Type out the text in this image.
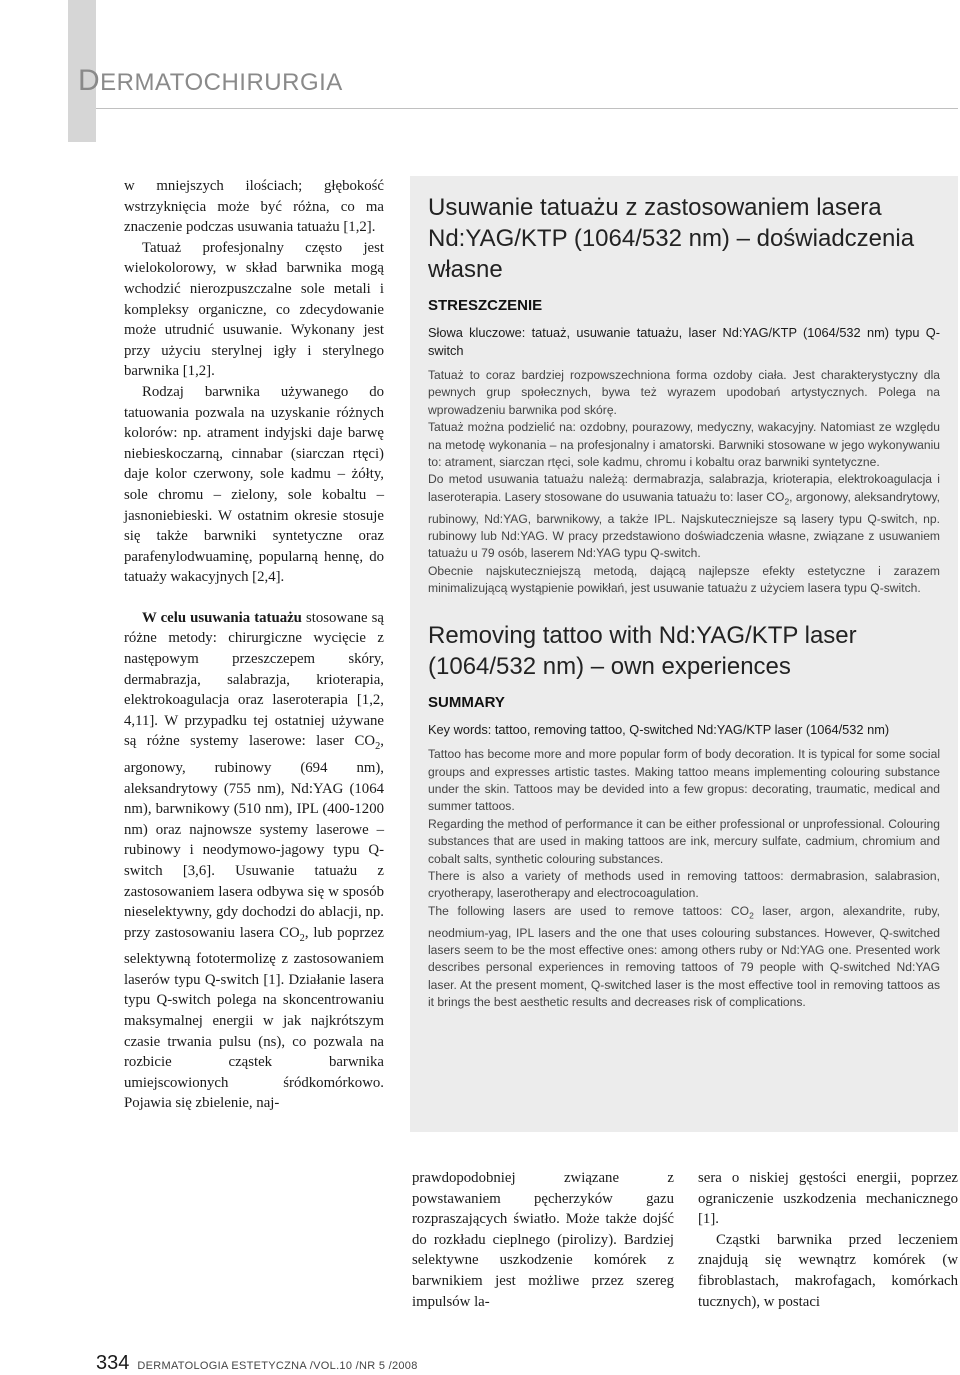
DERMATOCHIRURGIA

w mniejszych ilościach; głębokość wstrzyknięcia może być różna, co ma znaczenie podczas usuwania tatuażu [1,2].

Tatuaż profesjonalny często jest wielokolorowy, w skład barwnika mogą wchodzić nierozpuszczalne sole metali i kompleksy organiczne, co zdecydowanie może utrudnić usuwanie. Wykonany jest przy użyciu sterylnej igły i sterylnego barwnika [1,2].

Rodzaj barwnika używanego do tatuowania pozwala na uzyskanie różnych kolorów: np. atrament indyjski daje barwę niebieskoczarną, cinnabar (siarczan rtęci) daje kolor czerwony, sole kadmu – żółty, sole chromu – zielony, sole kobaltu – jasnoniebieski. W ostatnim okresie stosuje się także barwniki syntetyczne oraz parafenylodwuaminę, popularną hennę, do tatuaży wakacyjnych [2,4].

W celu usuwania tatuażu stosowane są różne metody: chirurgiczne wycięcie z następowym przeszczepem skóry, dermabrazja, salabrazja, krioterapia, elektrokoagulacja oraz laseroterapia [1,2, 4,11]. W przypadku tej ostatniej używane są różne systemy laserowe: laser $CO_2$, argonowy, rubinowy (694 nm), aleksandrytowy (755 nm), Nd:YAG (1064 nm), barwnikowy (510 nm), IPL (400-1200 nm) oraz najnowsze systemy laserowe – rubinowy i neodymowo-jagowy typu Q-switch [3,6]. Usuwanie tatuażu z zastosowaniem lasera odbywa się w sposób nieselektywny, gdy dochodzi do ablacji, np. przy zastosowaniu lasera $CO_2$, lub poprzez selektywną fototermolizę z zastosowaniem laserów typu Q-switch [1]. Działanie lasera typu Q-switch polega na skoncentrowaniu maksymalnej energii w jak najkrótszym czasie trwania pulsu (ns), co pozwala na rozbicie cząstek barwnika umiejscowionych śródkomórkowo. Pojawia się zbielenie, naj-

Usuwanie tatuażu z zastosowaniem lasera Nd:YAG/KTP (1064/532 nm) – doświadczenia własne
STRESZCZENIE

Słowa kluczowe: tatuaż, usuwanie tatuażu, laser Nd:YAG/KTP (1064/532 nm) typu Q-switch

Tatuaż to coraz bardziej rozpowszechniona forma ozdoby ciała. Jest charakterystyczny dla pewnych grup społecznych, bywa też wyrazem upodobań artystycznych. Polega na wprowadzeniu barwnika pod skórę.

Tatuaż można podzielić na: ozdobny, pourazowy, medyczny, wakacyjny. Natomiast ze względu na metodę wykonania – na profesjonalny i amatorski. Barwniki stosowane w jego wykonywaniu to: atrament, siarczan rtęci, sole kadmu, chromu i kobaltu oraz barwniki syntetyczne.

Do metod usuwania tatuażu należą: dermabrazja, salabrazja, krioterapia, elektrokoagulacja i laseroterapia. Lasery stosowane do usuwania tatuażu to: laser $CO_2$, argonowy, aleksandrytowy, rubinowy, Nd:YAG, barwnikowy, a także IPL. Najskuteczniejsze są lasery typu Q-switch, np. rubinowy lub Nd:YAG. W pracy przedstawiono doświadczenia własne, związane z usuwaniem tatuażu u 79 osób, laserem Nd:YAG typu Q-switch.

Obecnie najskuteczniejszą metodą, dającą najlepsze efekty estetyczne i zarazem minimalizującą wystąpienie powikłań, jest usuwanie tatuażu z użyciem lasera typu Q-switch.

Removing tattoo with Nd:YAG/KTP laser (1064/532 nm) – own experiences
SUMMARY

Key words: tattoo, removing tattoo, Q-switched Nd:YAG/KTP laser (1064/532 nm)

Tattoo has become more and more popular form of body decoration. It is typical for some social groups and expresses artistic tastes. Making tattoo means implementing colouring substance under the skin. Tattoos may be devided into a few gropus: decorating, traumatic, medical and summer tattoos.

Regarding the method of performance it can be either professional or unprofessional. Colouring substances that are used in making tattoos are ink, mercury sulfate, cadmium, chromium and cobalt salts, synthetic colouring substances.

There is also a variety of methods used in removing tattoos: dermabrasion, salabrasion, cryotherapy, laserotherapy and electrocoagulation.

The following lasers are used to remove tattoos: $CO_2$ laser, argon, alexandrite, ruby, neodmium-yag, IPL lasers and the one that uses colouring substances. However, Q-switched lasers seem to be the most effective ones: among others ruby or Nd:YAG one. Presented work describes personal experiences in removing tattoos of 79 people with Q-switched Nd:YAG laser. At the present moment, Q-switched laser is the most effective tool in removing tattoos as it brings the best aesthetic results and decreases risk of complications.

prawdopodobniej związane z powstawaniem pęcherzyków gazu rozpraszających światło. Może także dojść do rozkładu cieplnego (pirolizy). Bardziej selektywne uszkodzenie komórek z barwnikiem jest możliwe przez szereg impulsów la-

sera o niskiej gęstości energii, poprzez ograniczenie uszkodzenia mechanicznego [1].

Cząstki barwnika przed leczeniem znajdują się wewnątrz komórek (w fibroblastach, makrofagach, komórkach tucznych), w postaci

334 DERMATOLOGIA ESTETYCZNA /VOL.10 /NR 5 /2008
